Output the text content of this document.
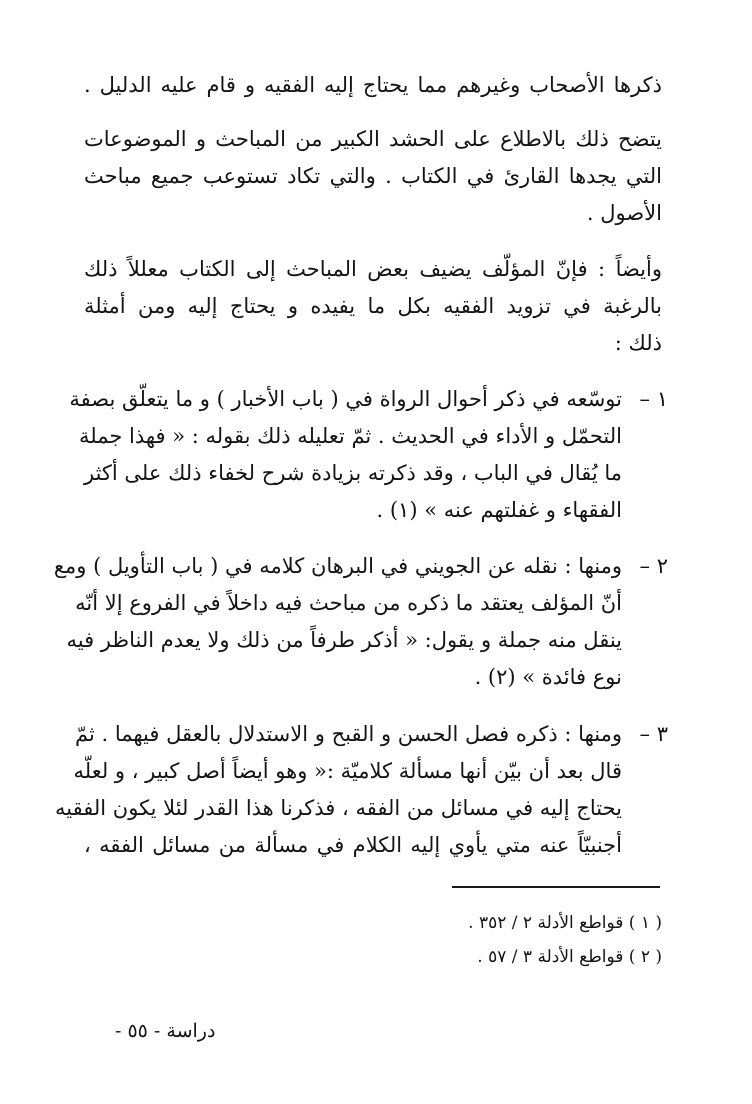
ذكرها الأصحاب وغيرهم مما يحتاج إليه الفقيه و قام عليه الدليل .

يتضح ذلك بالاطلاع على الحشد الكبير من المباحث و الموضوعات

التي يجدها القارئ في الكتاب . والتي تكاد تستوعب جميع مباحث

الأصول .

وأيضاً : فإنّ المؤلّف يضيف بعض المباحث إلى الكتاب معللاً ذلك

بالرغبة في تزويد الفقيه بكل ما يفيده و يحتاج إليه ومن أمثلة

ذلك :

١ –

توسّعه في ذكر أحوال الرواة في ( باب الأخبار ) و ما يتعلّق بصفة

التحمّل و الأداء في الحديث . ثمّ تعليله ذلك بقوله : « فهذا جملة

ما يُقال في الباب ، وقد ذكرته بزيادة شرح لخفاء ذلك على أكثر

الفقهاء و غفلتهم عنه » (١) .

٢ –

ومنها : نقله عن الجويني في البرهان كلامه في ( باب التأويل ) ومع

أنّ المؤلف يعتقد ما ذكره من مباحث فيه داخلاً في الفروع إلا أنّه

ينقل منه جملة و يقول: « أذكر طرفاً من ذلك ولا يعدم الناظر فيه

نوع فائدة » (٢) .

٣ –

ومنها : ذكره فصل الحسن و القبح و الاستدلال بالعقل فيهما . ثمّ

قال بعد أن بيّن أنها مسألة كلاميّة :« وهو أيضاً أصل كبير ، و لعلّه

يحتاج إليه في مسائل من الفقه ، فذكرنا هذا القدر لئلا يكون الفقيه

أجنبيّاً عنه متي يأوي إليه الكلام في مسألة من مسائل الفقه ،

( ١ ) قواطع الأدلة ٢ / ٣٥٢ .
( ٢ ) قواطع الأدلة ٣ / ٥٧ .
دراسة - ٥٥ -
